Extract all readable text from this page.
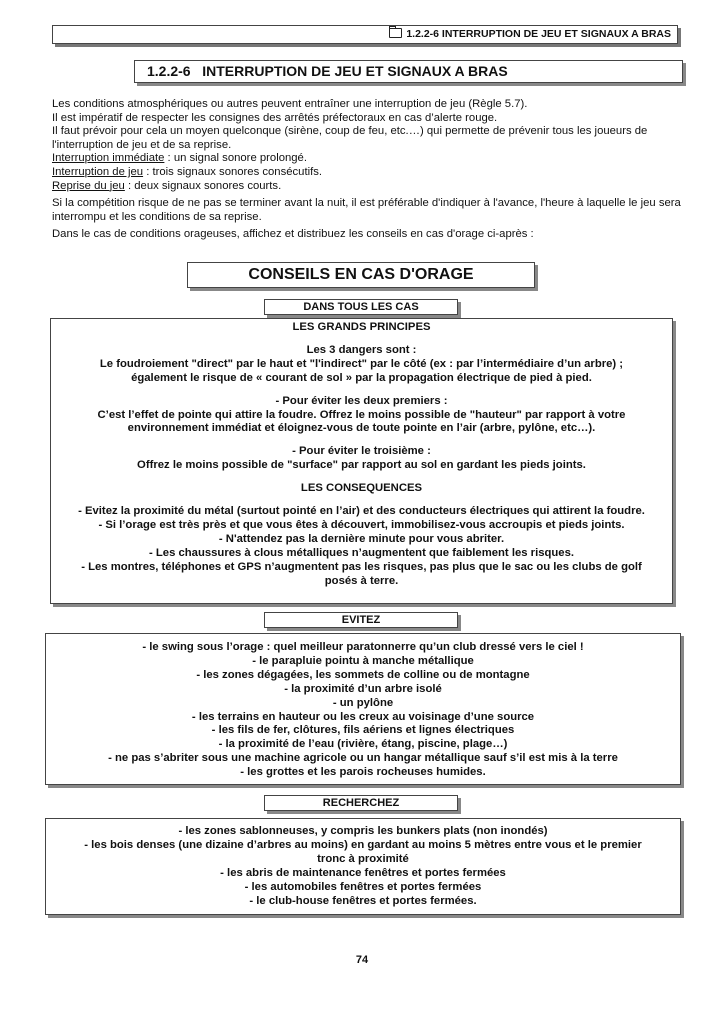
1.2.2-6 INTERRUPTION DE JEU ET SIGNAUX A BRAS
1.2.2-6   INTERRUPTION DE JEU ET SIGNAUX A BRAS

Les conditions atmosphériques ou autres peuvent entraîner une interruption de jeu (Règle 5.7).

Il est impératif de respecter les consignes des arrêtés préfectoraux en cas d’alerte rouge.

Il faut prévoir pour cela un moyen quelconque (sirène, coup de feu, etc.…) qui permette de prévenir tous les joueurs de l'interruption de jeu et de sa reprise.

Interruption immédiate : un signal sonore prolongé.

Interruption de jeu : trois signaux sonores consécutifs.

Reprise du jeu : deux signaux sonores courts.

Si la compétition risque de ne pas se terminer avant la nuit, il est préférable d'indiquer à l'avance, l'heure à laquelle le jeu sera interrompu et les conditions de sa reprise.

Dans le cas de conditions orageuses, affichez et distribuez les conseils en cas d'orage ci-après :

CONSEILS EN CAS D'ORAGE
DANS TOUS LES CAS

LES GRANDS PRINCIPES

Les 3 dangers sont :

Le foudroiement "direct" par le haut et "l'indirect" par le côté (ex : par l’intermédiaire d’un arbre) ;

également le risque de « courant de sol » par la propagation électrique de pied à pied.

- Pour éviter les deux premiers :

C’est l’effet de pointe qui attire la foudre. Offrez le moins possible de "hauteur" par rapport à votre

environnement immédiat et éloignez-vous de toute pointe en l’air (arbre, pylône, etc…).

- Pour éviter le troisième :

Offrez le moins possible de "surface" par rapport au sol en gardant les pieds joints.

LES CONSEQUENCES

- Evitez la proximité du métal (surtout pointé en l’air) et des conducteurs électriques qui attirent la foudre.

- Si l’orage est très près et que vous êtes à découvert, immobilisez-vous accroupis et pieds joints.

- N'attendez pas la dernière minute pour vous abriter.

- Les chaussures à clous métalliques n’augmentent que faiblement les risques.

- Les montres, téléphones et GPS n’augmentent pas les risques, pas plus que le sac ou les clubs de golf

posés à terre.

EVITEZ

- le swing sous l’orage : quel meilleur paratonnerre qu’un club dressé vers le ciel !

- le parapluie pointu à manche métallique

- les zones dégagées, les sommets de colline ou de montagne

- la proximité d’un arbre isolé

- un pylône

- les terrains en hauteur ou les creux au voisinage d’une source

- les fils de fer, clôtures, fils aériens et lignes électriques

- la proximité de l’eau (rivière, étang, piscine, plage…)

- ne pas s’abriter sous une machine agricole ou un hangar métallique sauf s’il est mis à la terre

- les grottes et les parois rocheuses humides.

RECHERCHEZ

- les zones sablonneuses, y compris les bunkers plats (non inondés)

- les bois denses (une dizaine d’arbres au moins) en gardant au moins 5 mètres entre vous et le premier

tronc à proximité

- les abris de maintenance fenêtres et portes fermées

- les automobiles fenêtres et portes fermées

- le club-house fenêtres et portes fermées.

74
